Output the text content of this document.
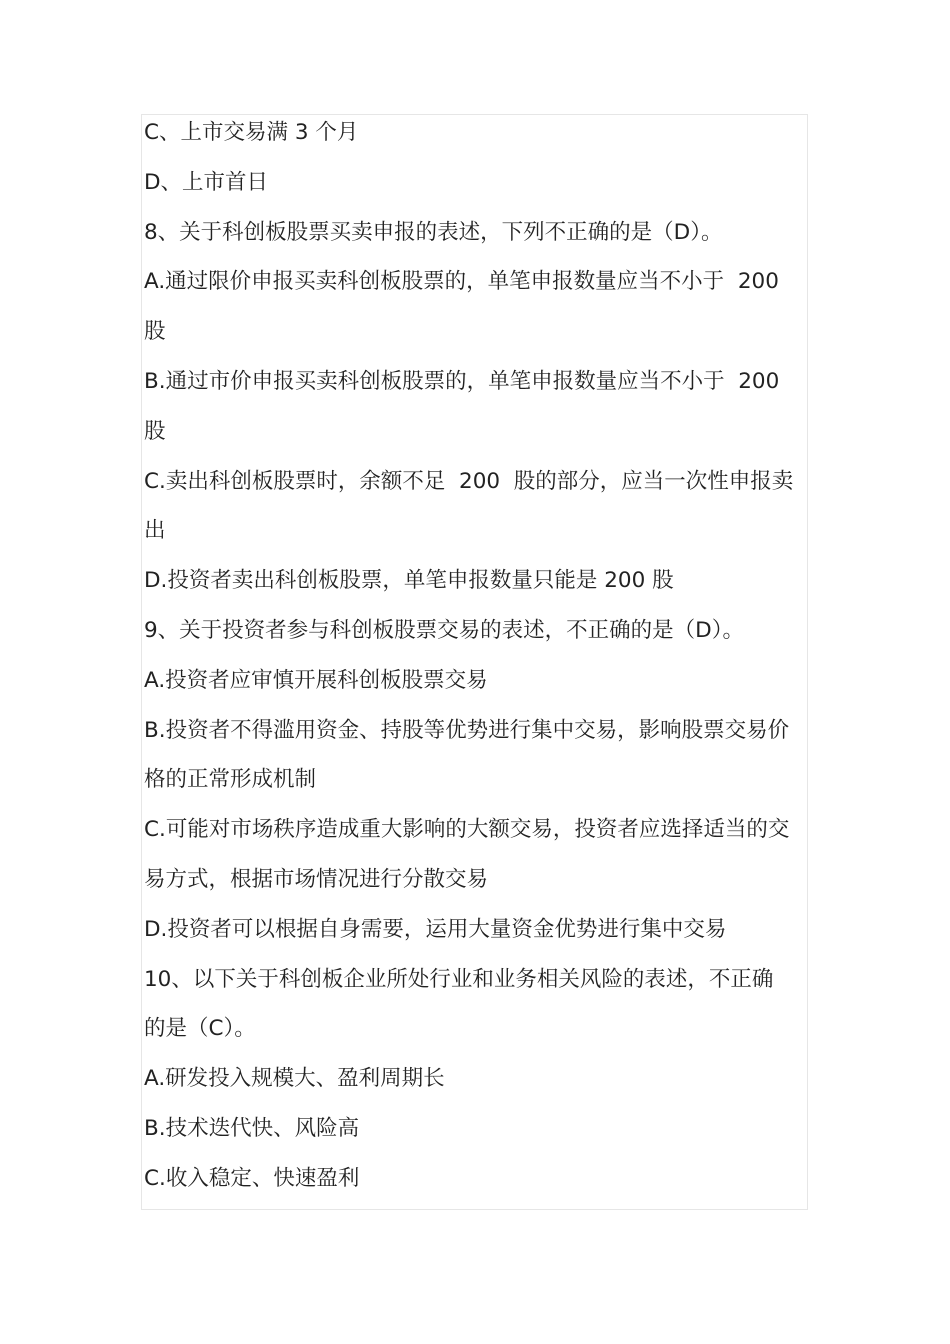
C、上市交易满 3 个月

D、上市首日

8、关于科创板股票买卖申报的表述，下列不正确的是（D）。

A.通过限价申报买卖科创板股票的，单笔申报数量应当不小于  200

股

B.通过市价申报买卖科创板股票的，单笔申报数量应当不小于  200

股

C.卖出科创板股票时，余额不足  200  股的部分，应当一次性申报卖

出

D.投资者卖出科创板股票，单笔申报数量只能是 200 股

9、关于投资者参与科创板股票交易的表述，不正确的是（D）。

A.投资者应审慎开展科创板股票交易

B.投资者不得滥用资金、持股等优势进行集中交易，影响股票交易价

格的正常形成机制

C.可能对市场秩序造成重大影响的大额交易，投资者应选择适当的交

易方式，根据市场情况进行分散交易

D.投资者可以根据自身需要，运用大量资金优势进行集中交易

10、以下关于科创板企业所处行业和业务相关风险的表述，不正确

的是（C）。

A.研发投入规模大、盈利周期长

B.技术迭代快、风险高

C.收入稳定、快速盈利
